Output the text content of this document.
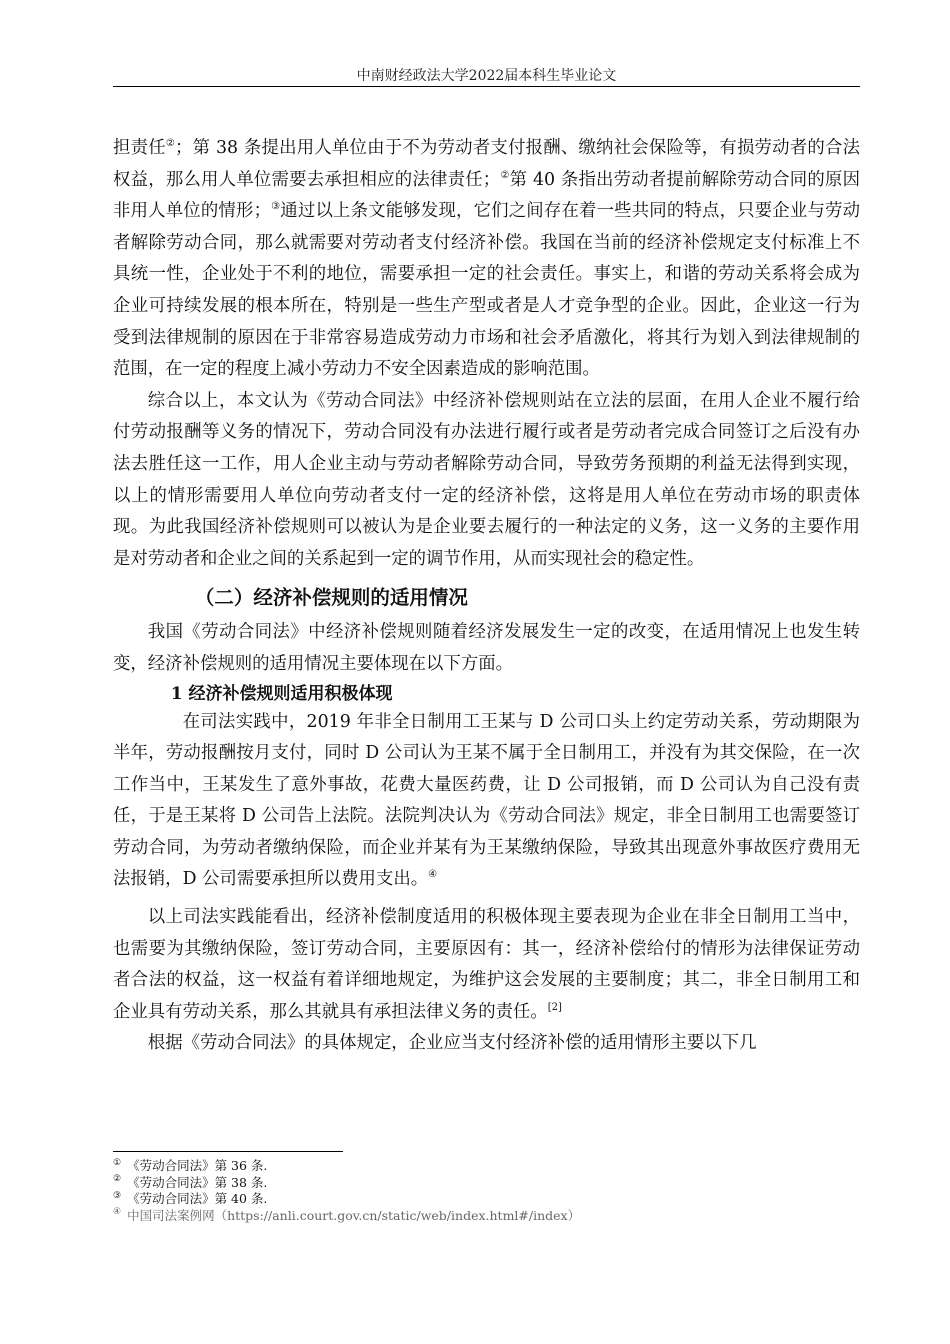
中南财经政法大学2022届本科生毕业论文

担责任②；第 38 条提出用人单位由于不为劳动者支付报酬、缴纳社会保险等，有损劳动者的合法权益，那么用人单位需要去承担相应的法律责任；②第 40 条指出劳动者提前解除劳动合同的原因非用人单位的情形；③通过以上条文能够发现，它们之间存在着一些共同的特点，只要企业与劳动者解除劳动合同，那么就需要对劳动者支付经济补偿。我国在当前的经济补偿规定支付标准上不具统一性，企业处于不利的地位，需要承担一定的社会责任。事实上，和谐的劳动关系将会成为企业可持续发展的根本所在，特别是一些生产型或者是人才竞争型的企业。因此，企业这一行为受到法律规制的原因在于非常容易造成劳动力市场和社会矛盾激化，将其行为划入到法律规制的范围，在一定的程度上减小劳动力不安全因素造成的影响范围。

综合以上，本文认为《劳动合同法》中经济补偿规则站在立法的层面，在用人企业不履行给付劳动报酬等义务的情况下，劳动合同没有办法进行履行或者是劳动者完成合同签订之后没有办法去胜任这一工作，用人企业主动与劳动者解除劳动合同，导致劳务预期的利益无法得到实现，以上的情形需要用人单位向劳动者支付一定的经济补偿，这将是用人单位在劳动市场的职责体现。为此我国经济补偿规则可以被认为是企业要去履行的一种法定的义务，这一义务的主要作用是对劳动者和企业之间的关系起到一定的调节作用，从而实现社会的稳定性。

（二）经济补偿规则的适用情况

我国《劳动合同法》中经济补偿规则随着经济发展发生一定的改变，在适用情况上也发生转变，经济补偿规则的适用情况主要体现在以下方面。

1 经济补偿规则适用积极体现

在司法实践中，2019 年非全日制用工王某与 D 公司口头上约定劳动关系，劳动期限为半年，劳动报酬按月支付，同时 D 公司认为王某不属于全日制用工，并没有为其交保险，在一次工作当中，王某发生了意外事故，花费大量医药费，让 D 公司报销，而 D 公司认为自己没有责任，于是王某将 D 公司告上法院。法院判决认为《劳动合同法》规定，非全日制用工也需要签订劳动合同，为劳动者缴纳保险，而企业并某有为王某缴纳保险，导致其出现意外事故医疗费用无法报销，D 公司需要承担所以费用支出。④

以上司法实践能看出，经济补偿制度适用的积极体现主要表现为企业在非全日制用工当中，也需要为其缴纳保险，签订劳动合同，主要原因有：其一，经济补偿给付的情形为法律保证劳动者合法的权益，这一权益有着详细地规定，为维护这会发展的主要制度；其二，非全日制用工和企业具有劳动关系，那么其就具有承担法律义务的责任。[2]

根据《劳动合同法》的具体规定，企业应当支付经济补偿的适用情形主要以下几

① 《劳动合同法》第 36 条.

② 《劳动合同法》第 38 条.

③ 《劳动合同法》第 40 条.

④ 中国司法案例网（https://anli.court.gov.cn/static/web/index.html#/index）
